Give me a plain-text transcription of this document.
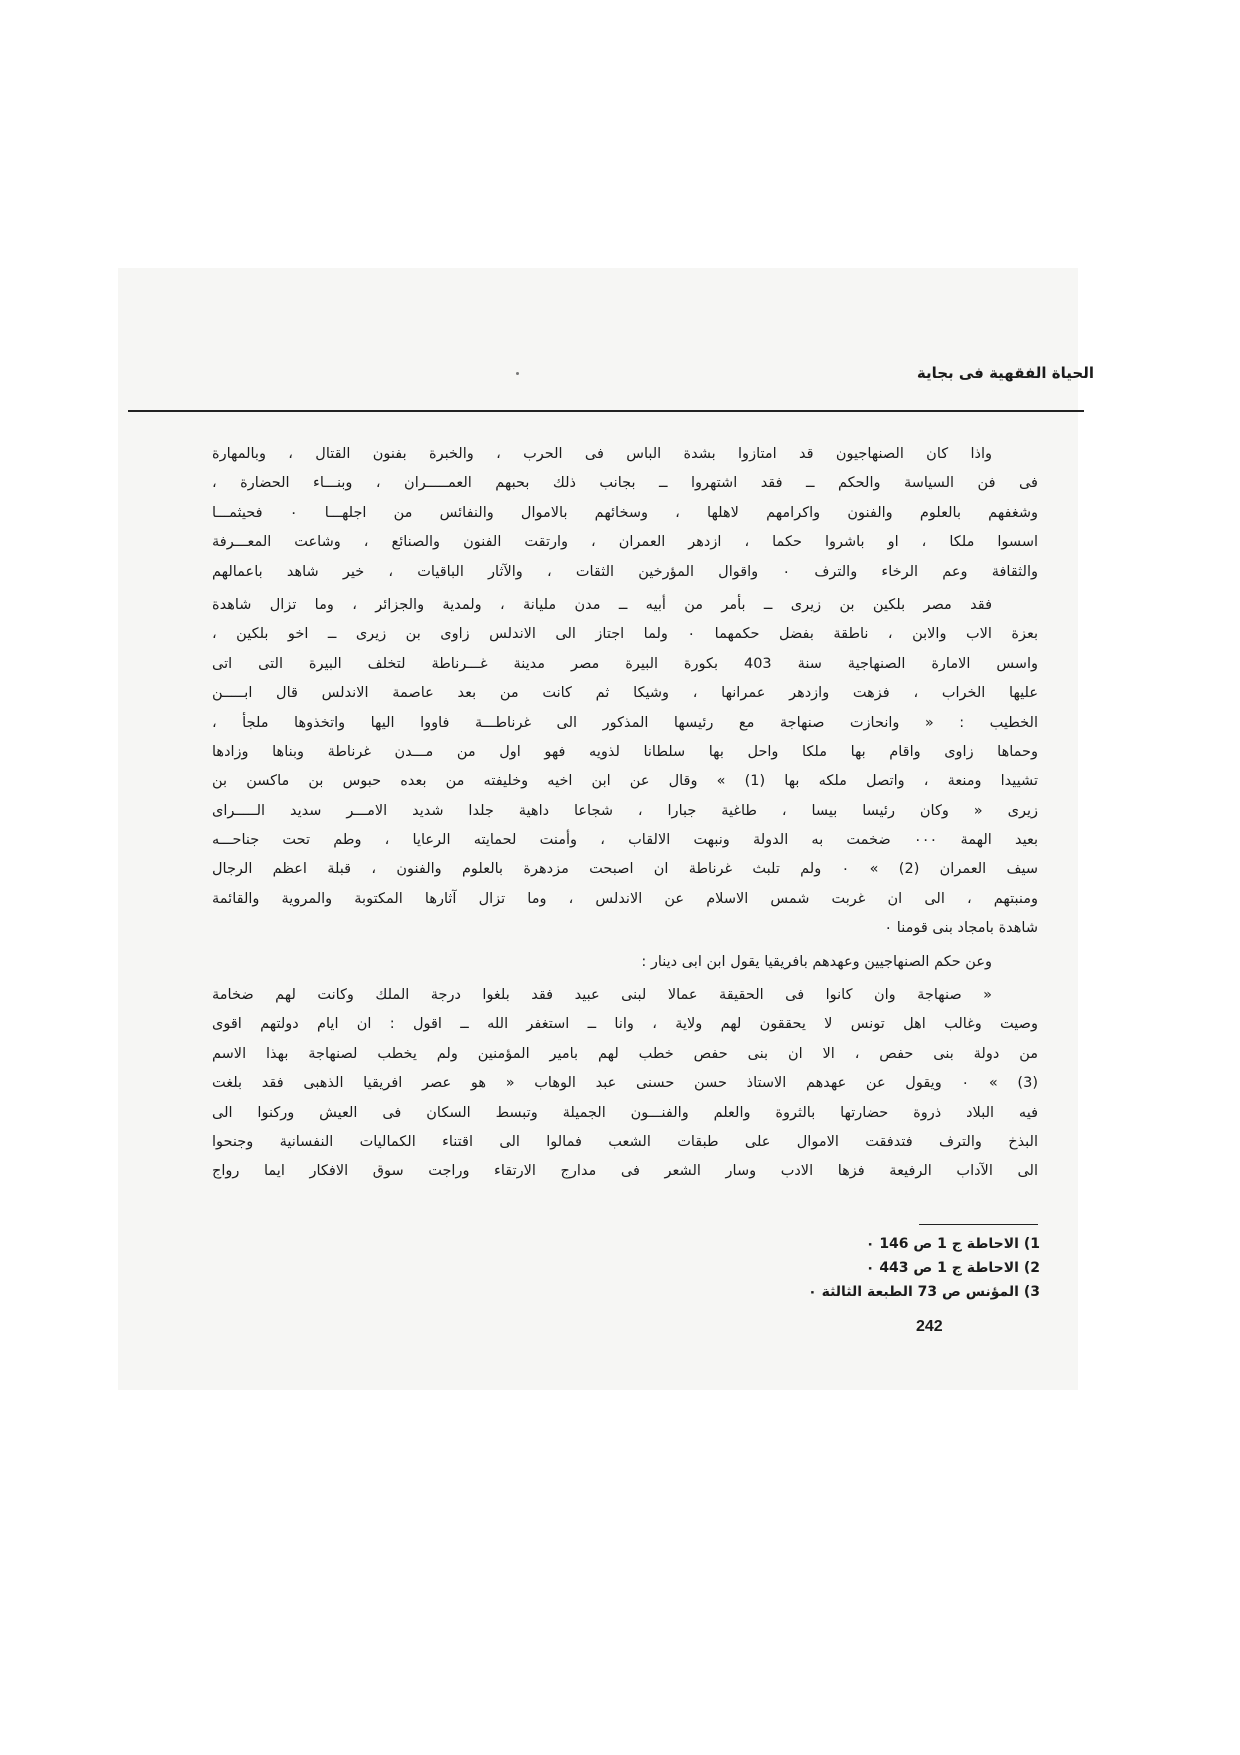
الحياة الفقهية فى بجاية
واذا كان الصنهاجيون قد امتازوا بشدة الباس فى الحرب ، والخبرة بفنون القتال ، وبالمهارة
فى فن السياسة والحكم ــ فقد اشتهروا ــ بجانب ذلك بحبهم العمـــــران ، وبنـــاء الحضارة ،
وشغفهم بالعلوم والفنون واكرامهم لاهلها ، وسخائهم بالاموال والنفائس من اجلهـــا ٠ فحيثمـــا
اسسوا ملكا ، او باشروا حكما ، ازدهر العمران ، وارتقت الفنون والصنائع ، وشاعت المعـــرفة
والثقافة وعم الرخاء والترف ٠ واقوال المؤرخين الثقات ، والآثار الباقيات ، خير شاهد باعمالهم
فقد مصر بلكين بن زيرى ــ بأمر من أبيه ــ مدن مليانة ، ولمدية والجزائر ، وما تزال شاهدة
بعزة الاب والابن ، ناطقة بفضل حكمهما ٠ ولما اجتاز الى الاندلس زاوى بن زيرى ــ اخو بلكين ،
واسس الامارة الصنهاجية سنة 403 بكورة البيرة مصر مدينة غـــرناطة لتخلف البيرة التى اتى
عليها الخراب ، فزهت وازدهر عمرانها ، وشيكا ثم كانت من بعد عاصمة الاندلس قال ابـــــن
الخطيب : « وانحازت صنهاجة مع رئيسها المذكور الى غرناطـــة فاووا اليها واتخذوها ملجأ ،
وحماها زاوى واقام بها ملكا واحل بها سلطانا لذويه فهو اول من مـــدن غرناطة وبناها وزادها
تشييدا ومنعة ، واتصل ملكه بها (1) » وقال عن ابن اخيه وخليفته من بعده حبوس بن ماكسن بن
زيرى « وكان رئيسا بيسا ، طاغية جبارا ، شجاعا داهية جلدا شديد الامـــر سديد الـــــراى
بعيد الهمة ٠٠٠ ضخمت به الدولة ونبهت الالقاب ، وأمنت لحمايته الرعايا ، وطم تحت جناحـــه
سيف العمران (2) » ٠ ولم تلبث غرناطة ان اصبحت مزدهرة بالعلوم والفنون ، قبلة اعظم الرجال
ومنبتهم ، الى ان غربت شمس الاسلام عن الاندلس ، وما تزال آثارها المكتوبة والمروية والقائمة
شاهدة بامجاد بنى قومنا ٠
وعن حكم الصنهاجيين وعهدهم بافريقيا يقول ابن ابى دينار :
« صنهاجة وان كانوا فى الحقيقة عمالا لبنى عبيد فقد بلغوا درجة الملك وكانت لهم ضخامة
وصيت وغالب اهل تونس لا يحققون لهم ولاية ، وانا ــ استغفر الله ــ اقول : ان ايام دولتهم اقوى
من دولة بنى حفص ، الا ان بنى حفص خطب لهم بامير المؤمنين ولم يخطب لصنهاجة بهذا الاسم
(3) » ٠ ويقول عن عهدهم الاستاذ حسن حسنى عبد الوهاب « هو عصر افريقيا الذهبى فقد بلغت
فيه البلاد ذروة حضارتها بالثروة والعلم والفنـــون الجميلة وتبسط السكان فى العيش وركنوا الى
البذخ والترف فتدفقت الاموال على طبقات الشعب فمالوا الى اقتناء الكماليات النفسانية وجنحوا
الى الآداب الرفيعة فزها الادب وسار الشعر فى مدارج الارتقاء وراجت سوق الافكار ايما رواج
1) الاحاطة ج 1 ص 146 ٠
2) الاحاطة ج 1 ص 443 ٠
3) المؤنس ص 73 الطبعة الثالثة ٠
242
